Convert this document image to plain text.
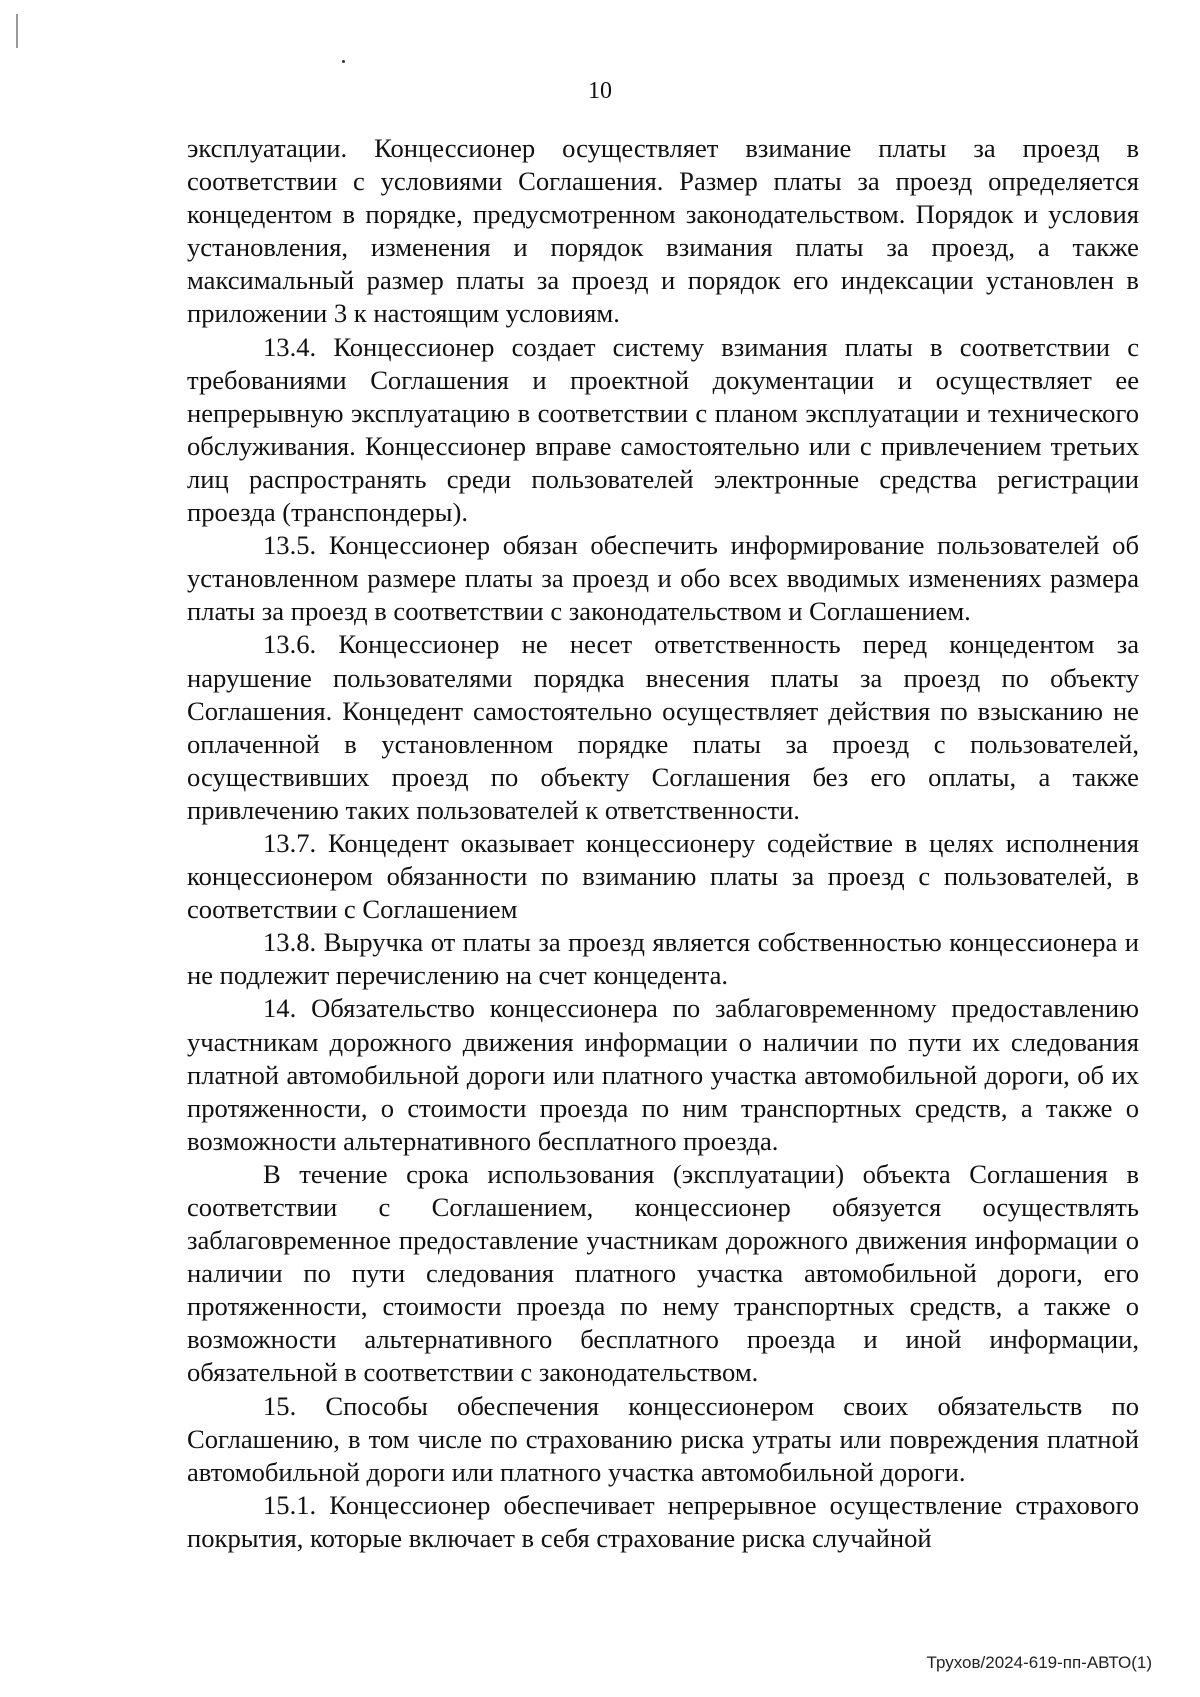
10

эксплуатации. Концессионер осуществляет взимание платы за проезд в соответствии с условиями Соглашения. Размер платы за проезд определяется концедентом в порядке, предусмотренном законодательством. Порядок и условия установления, изменения и порядок взимания платы за проезд, а также максимальный размер платы за проезд и порядок его индексации установлен в приложении 3 к настоящим условиям.

13.4. Концессионер создает систему взимания платы в соответствии с требованиями Соглашения и проектной документации и осуществляет ее непрерывную эксплуатацию в соответствии с планом эксплуатации и технического обслуживания. Концессионер вправе самостоятельно или с привлечением третьих лиц распространять среди пользователей электронные средства регистрации проезда (транспондеры).

13.5. Концессионер обязан обеспечить информирование пользователей об установленном размере платы за проезд и обо всех вводимых изменениях размера платы за проезд в соответствии с законодательством и Соглашением.

13.6. Концессионер не несет ответственность перед концедентом за нарушение пользователями порядка внесения платы за проезд по объекту Соглашения. Концедент самостоятельно осуществляет действия по взысканию не оплаченной в установленном порядке платы за проезд с пользователей, осуществивших проезд по объекту Соглашения без его оплаты, а также привлечению таких пользователей к ответственности.

13.7. Концедент оказывает концессионеру содействие в целях исполнения концессионером обязанности по взиманию платы за проезд с пользователей, в соответствии с Соглашением

13.8. Выручка от платы за проезд является собственностью концессионера и не подлежит перечислению на счет концедента.

14. Обязательство концессионера по заблаговременному предоставлению участникам дорожного движения информации о наличии по пути их следования платной автомобильной дороги или платного участка автомобильной дороги, об их протяженности, о стоимости проезда по ним транспортных средств, а также о возможности альтернативного бесплатного проезда.

В течение срока использования (эксплуатации) объекта Соглашения в соответствии с Соглашением, концессионер обязуется осуществлять заблаговременное предоставление участникам дорожного движения информации о наличии по пути следования платного участка автомобильной дороги, его протяженности, стоимости проезда по нему транспортных средств, а также о возможности альтернативного бесплатного проезда и иной информации, обязательной в соответствии с законодательством.

15. Способы обеспечения концессионером своих обязательств по Соглашению, в том числе по страхованию риска утраты или повреждения платной автомобильной дороги или платного участка автомобильной дороги.

15.1. Концессионер обеспечивает непрерывное осуществление страхового покрытия, которые включает в себя страхование риска случайной

Трухов/2024-619-пп-АВТО(1)
